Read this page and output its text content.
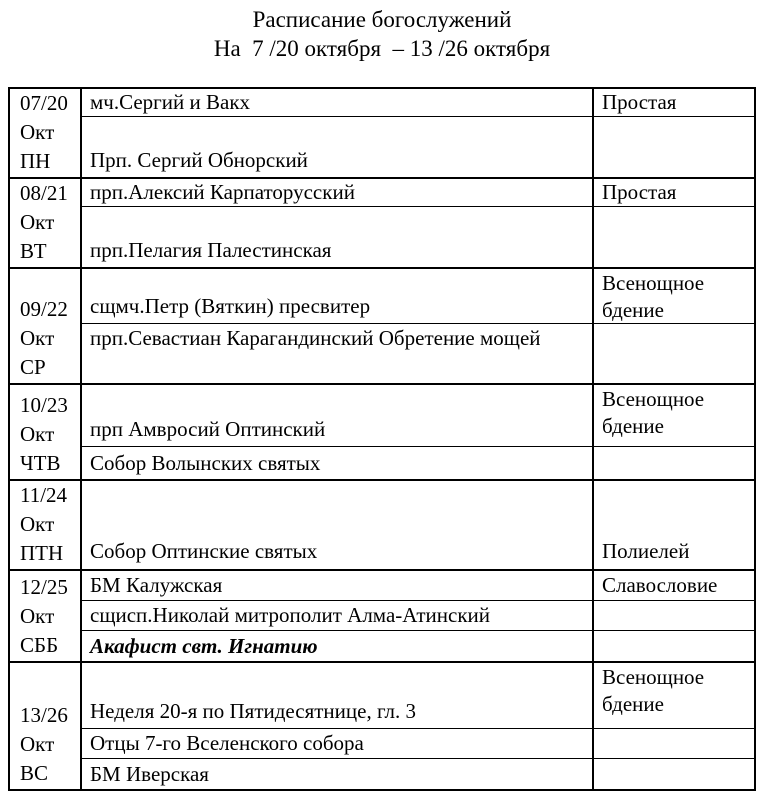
Расписание богослужений
На  7 /20 октября  – 13 /26 октября
07/20
Окт
ПН
мч.Сергий и Вакх
Прп. Сергий Обнорский
Простая
08/21
Окт
ВТ
прп.Алексий Карпаторусский
прп.Пелагия Палестинская
Простая
09/22
Окт
СР
сщмч.Петр (Вяткин) пресвитер
прп.Севастиан Карагандинский Обретение мощей
Всенощное бдение
10/23
Окт
ЧТВ
прп Амвросий Оптинский
Собор Волынских святых
Всенощное бдение
11/24
Окт
ПТН	Собор Оптинские святых	Полиелей
12/25
Окт
СББ
БМ Калужская
сщисп.Николай митрополит Алма-Атинский
Акафист свт. Игнатию
Славословие
13/26
Окт
ВС
Неделя 20-я по Пятидесятнице, гл. 3
Отцы 7-го Вселенского собора
БМ Иверская
Всенощное бдение
